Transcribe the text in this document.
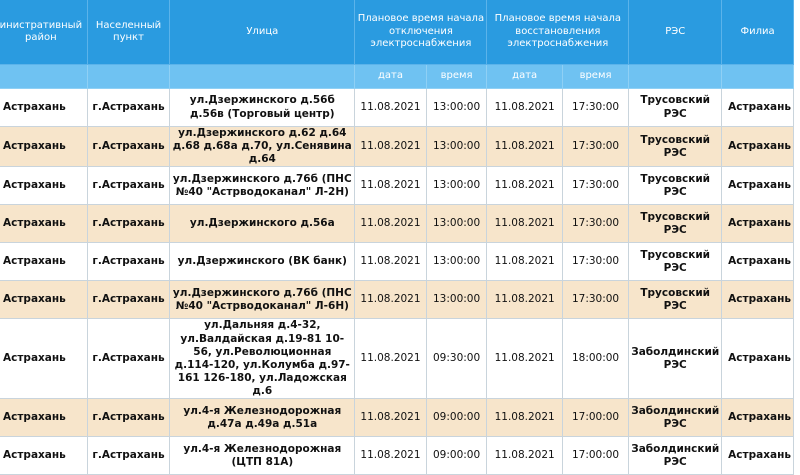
инистративный район	Населенный пункт	Улица	Плановое время начала отключения электроснабжения		Плановое время начала восстановления электроснабжения		РЭС	Филиа
			дата	время	дата	время		
Астрахань	г.Астрахань	ул.Дзержинского д.56б д.56в (Торговый центр)	11.08.2021	13:00:00	11.08.2021	17:30:00	Трусовский РЭС	Астрахань
Астрахань	г.Астрахань	ул.Дзержинского д.62 д.64 д.68 д.68а д.70, ул.Сенявина д.64	11.08.2021	13:00:00	11.08.2021	17:30:00	Трусовский РЭС	Астрахань
Астрахань	г.Астрахань	ул.Дзержинского д.76б (ПНС №40 "Астрводоканал" Л-2Н)	11.08.2021	13:00:00	11.08.2021	17:30:00	Трусовский РЭС	Астрахань
Астрахань	г.Астрахань	ул.Дзержинского д.56а	11.08.2021	13:00:00	11.08.2021	17:30:00	Трусовский РЭС	Астрахань
Астрахань	г.Астрахань	ул.Дзержинского (ВК банк)	11.08.2021	13:00:00	11.08.2021	17:30:00	Трусовский РЭС	Астрахань
Астрахань	г.Астрахань	ул.Дзержинского д.76б (ПНС №40 "Астрводоканал" Л-6Н)	11.08.2021	13:00:00	11.08.2021	17:30:00	Трусовский РЭС	Астрахань
Астрахань	г.Астрахань	ул.Дальняя д.4-32, ул.Валдайская д.19-81 10-56, ул.Революционная д.114-120, ул.Колумба д.97-161 126-180, ул.Ладожская д.6	11.08.2021	09:30:00	11.08.2021	18:00:00	Заболдинский РЭС	Астрахань
Астрахань	г.Астрахань	ул.4-я Железнодорожная д.47а д.49а д.51а	11.08.2021	09:00:00	11.08.2021	17:00:00	Заболдинский РЭС	Астрахань
Астрахань	г.Астрахань	ул.4-я Железнодорожная (ЦТП 81А)	11.08.2021	09:00:00	11.08.2021	17:00:00	Заболдинский РЭС	Астрахань
